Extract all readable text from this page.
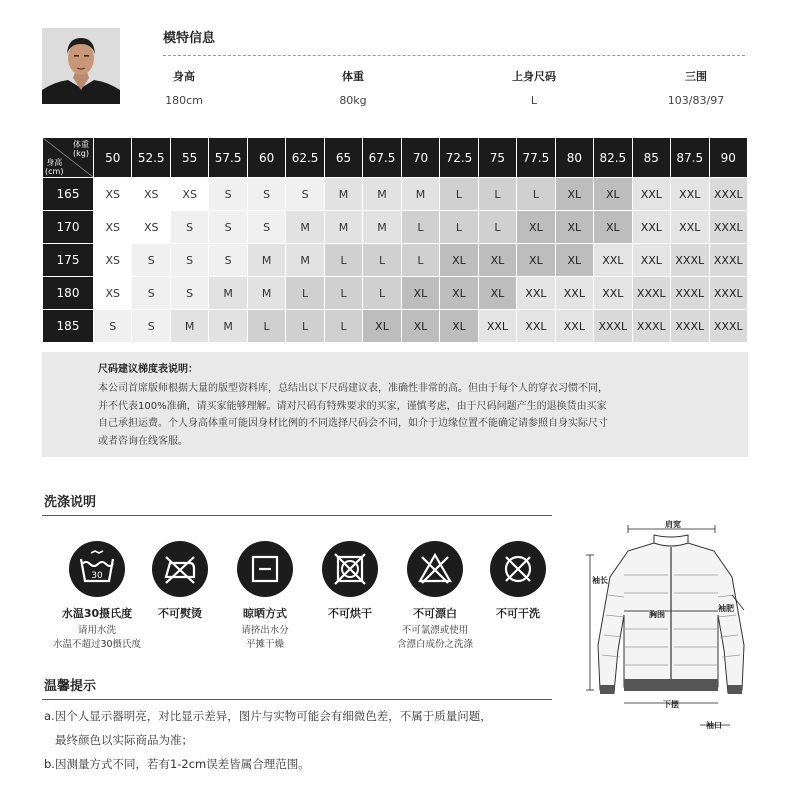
模特信息
身高
180cm
体重
80kg
上身尺码
L
三围
103/83/97
体重
(kg)
身高
(cm)	50	52.5	55	57.5	60	62.5	65	67.5	70	72.5	75	77.5	80	82.5	85	87.5	90
165	XS	XS	XS	S	S	S	M	M	M	L	L	L	XL	XL	XXL	XXL	XXXL
170	XS	XS	S	S	S	M	M	M	L	L	L	XL	XL	XL	XXL	XXL	XXXL
175	XS	S	S	S	M	M	L	L	L	XL	XL	XL	XL	XXL	XXL	XXXL	XXXL
180	XS	S	S	M	M	L	L	L	XL	XL	XL	XXL	XXL	XXL	XXXL	XXXL	XXXL
185	S	S	M	M	L	L	L	XL	XL	XL	XXL	XXL	XXL	XXXL	XXXL	XXXL	XXXL
尺码建议梯度表说明：
本公司首席版师根据大量的版型资料库，总结出以下尺码建议表，准确性非常的高。但由于每个人的穿衣习惯不同，
并不代表100%准确，请买家能够理解。请对尺码有特殊要求的买家，谨慎考虑，由于尺码问题产生的退换货由买家
自己承担运费。个人身高体重可能因身材比例的不同选择尺码会不同，如介于边缘位置不能确定请参照自身实际尺寸
或者咨询在线客服。
洗涤说明
30
水温30摄氏度
请用水洗
水温不超过30摄氏度
不可熨烫	晾晒方式
请挤出水分
平摊干燥
不可烘干	不可漂白
不可氯漂或使用
含漂白成份之洗涤
不可干洗
温馨提示
a.因个人显示器明亮，对比显示差异，图片与实物可能会有细微色差，不属于质量问题，
最终颜色以实际商品为准；
b.因测量方式不同，若有1-2cm误差皆属合理范围。
肩宽
袖长
胸围
袖肥
下摆
袖口
